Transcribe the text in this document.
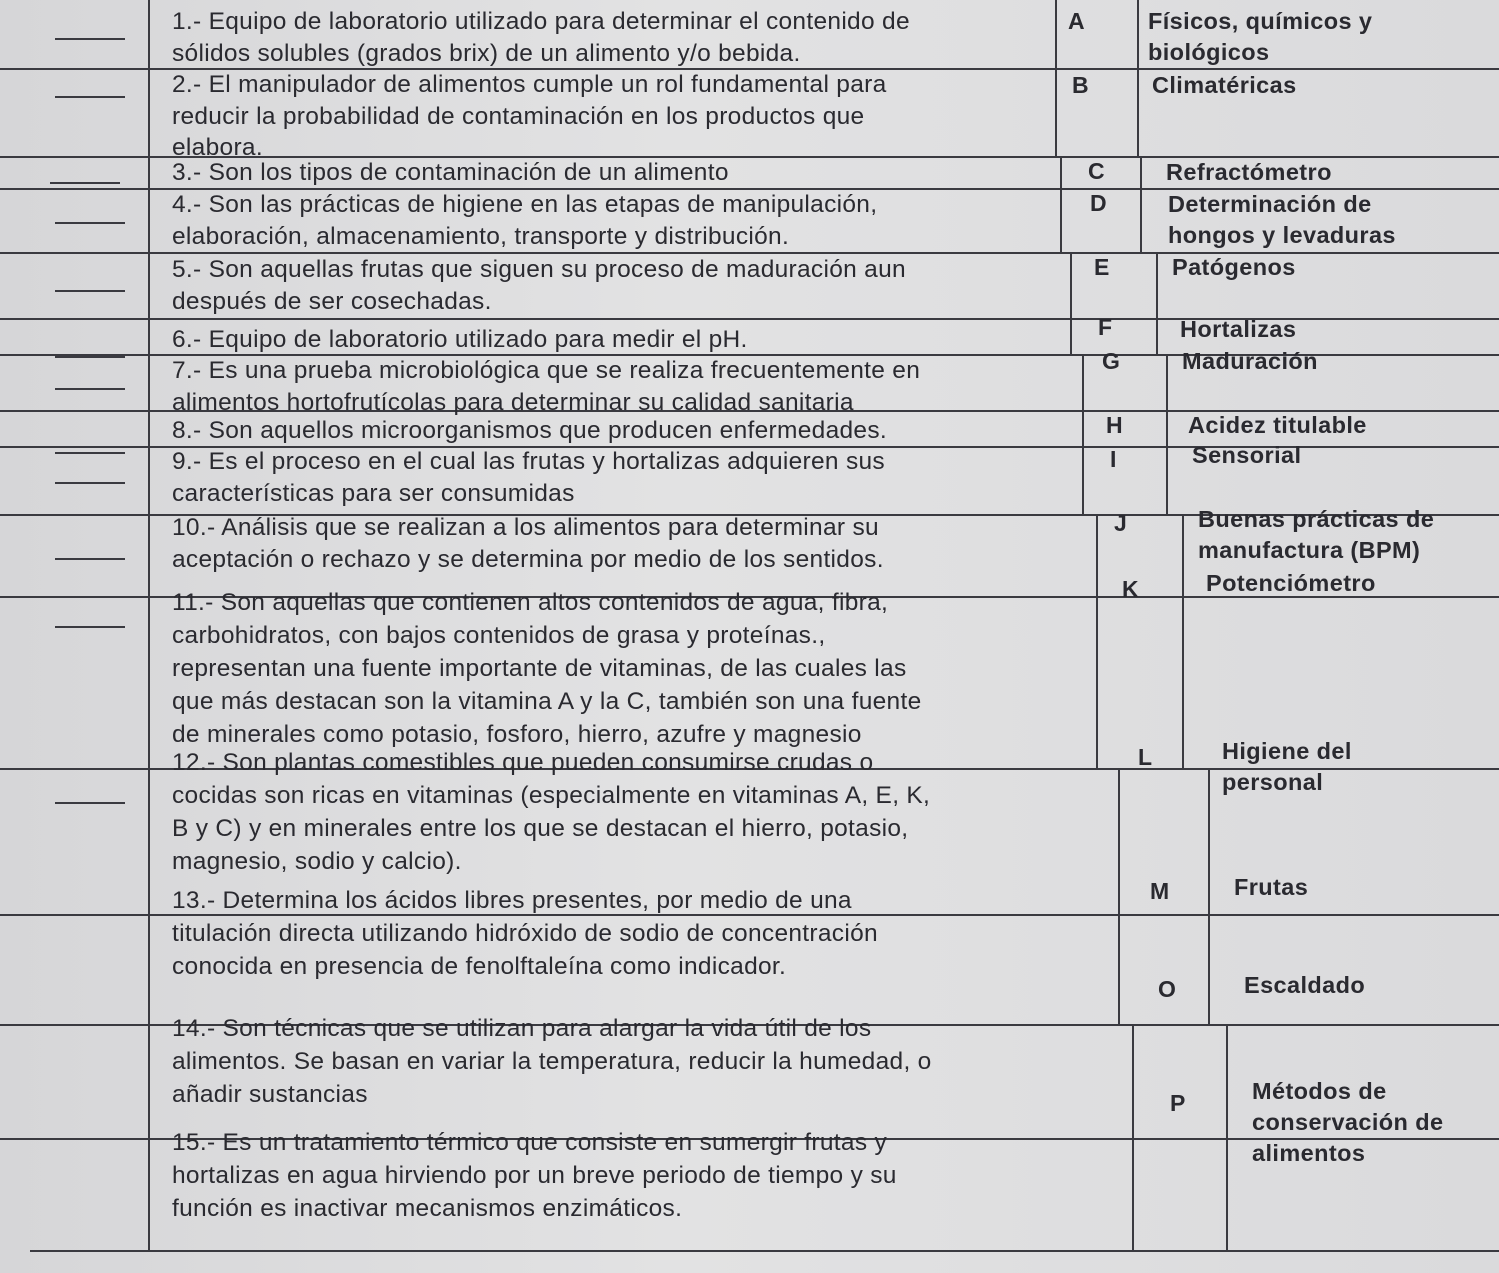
1.- Equipo de laboratorio utilizado para determinar el contenido de
sólidos solubles (grados brix) de un alimento y/o bebida.
A	Físicos, químicos y
biológicos
2.- El manipulador de alimentos cumple un rol fundamental para
reducir la probabilidad de contaminación en los productos que
elabora.
B	Climatéricas
3.- Son los tipos de contaminación de un alimento	C	Refractómetro
4.- Son las prácticas de higiene en las etapas de manipulación,
elaboración, almacenamiento, transporte y distribución.
D	Determinación de
hongos y levaduras
5.- Son aquellas frutas que siguen su proceso de maduración aun
después de ser cosechadas.
E	Patógenos
6.- Equipo de laboratorio utilizado para medir el pH.	F	Hortalizas
7.- Es una prueba microbiológica que se realiza frecuentemente en
alimentos hortofrutícolas para determinar su calidad sanitaria
G	Maduración
8.- Son aquellos microorganismos que producen enfermedades.	H	Acidez titulable
9.- Es el proceso en el cual las frutas y hortalizas adquieren sus
características para ser consumidas
I	Sensorial
10.- Análisis que se realizan a los alimentos para determinar su
aceptación o rechazo y se determina por medio de los sentidos.
J	Buenas prácticas de
manufactura (BPM)
11.- Son aquellas que contienen altos contenidos de agua, fibra,
carbohidratos, con bajos contenidos de grasa y proteínas.,
representan una fuente importante de vitaminas, de las cuales las
que más destacan son la vitamina A y la C, también son una fuente
de minerales como potasio, fosforo, hierro, azufre y magnesio
K	Potenciómetro
12.- Son plantas comestibles que pueden consumirse crudas o
cocidas son ricas en vitaminas (especialmente en vitaminas A, E, K,
B y C) y en minerales entre los que se destacan el hierro, potasio,
magnesio, sodio y calcio).
L	Higiene del
personal
13.- Determina los ácidos libres presentes, por medio de una
titulación directa utilizando hidróxido de sodio de concentración
conocida en presencia de fenolftaleína como indicador.
M	Frutas
14.- Son técnicas que se utilizan para alargar la vida útil de los
alimentos. Se basan en variar la temperatura, reducir la humedad, o
añadir sustancias
O	Escaldado
15.- Es un tratamiento térmico que consiste en sumergir frutas y
hortalizas en agua hirviendo por un breve periodo de tiempo y su
función es inactivar mecanismos enzimáticos.
P	Métodos de
conservación de
alimentos
